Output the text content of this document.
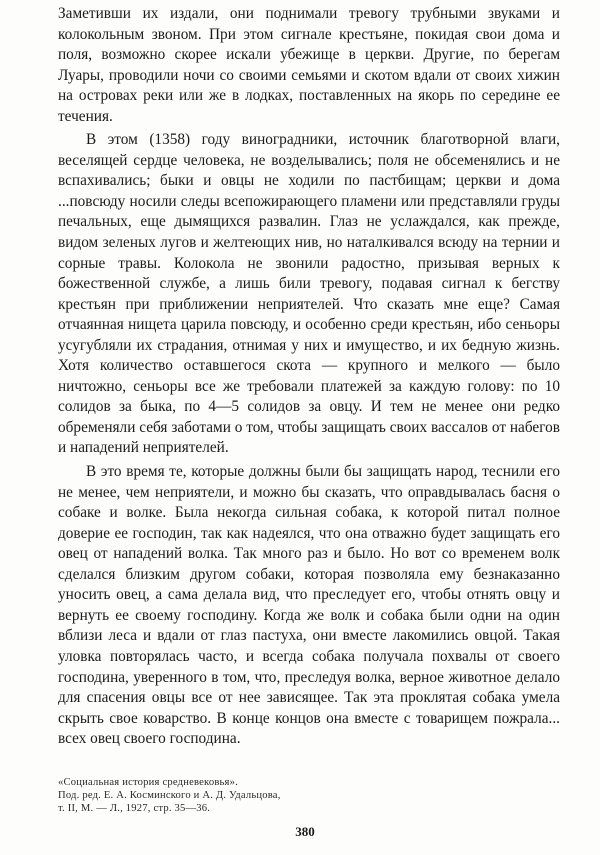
Заметивши их издали, они поднимали тревогу трубными звуками и колокольным звоном. При этом сигнале крестьяне, покидая свои дома и поля, возможно скорее искали убежище в церкви. Другие, по берегам Луары, проводили ночи со своими семьями и скотом вдали от своих хижин на островах реки или же в лодках, поставленных на якорь по середине ее течения.

В этом (1358) году виноградники, источник благотворной влаги, веселящей сердце человека, не возделывались; поля не обсеменялись и не вспахивались; быки и овцы не ходили по пастбищам; церкви и дома ...повсюду носили следы всепожирающего пламени или представляли груды печальных, еще дымящихся развалин. Глаз не услаждался, как прежде, видом зеленых лугов и желтеющих нив, но наталкивался всюду на тернии и сорные травы. Колокола не звонили радостно, призывая верных к божественной службе, а лишь били тревогу, подавая сигнал к бегству крестьян при приближении неприятелей. Что сказать мне еще? Самая отчаянная нищета царила повсюду, и особенно среди крестьян, ибо сеньоры усугубляли их страдания, отнимая у них и имущество, и их бедную жизнь. Хотя количество оставшегося скота — крупного и мелкого — было ничтожно, сеньоры все же требовали платежей за каждую голову: по 10 солидов за быка, по 4—5 солидов за овцу. И тем не менее они редко обременяли себя заботами о том, чтобы защищать своих вассалов от набегов и нападений неприятелей.

В это время те, которые должны были бы защищать народ, теснили его не менее, чем неприятели, и можно бы сказать, что оправдывалась басня о собаке и волке. Была некогда сильная собака, к которой питал полное доверие ее господин, так как надеялся, что она отважно будет защищать его овец от нападений волка. Так много раз и было. Но вот со временем волк сделался близким другом собаки, которая позволяла ему безнаказанно уносить овец, а сама делала вид, что преследует его, чтобы отнять овцу и вернуть ее своему господину. Когда же волк и собака были одни на один вблизи леса и вдали от глаз пастуха, они вместе лакомились овцой. Такая уловка повторялась часто, и всегда собака получала похвалы от своего господина, уверенного в том, что, преследуя волка, верное животное делало для спасения овцы все от нее зависящее. Так эта проклятая собака умела скрыть свое коварство. В конце концов она вместе с товарищем пожрала... всех овец своего господина.

«Социальная история средневековья».
Под. ред. Е. А. Косминского и А. Д. Удальцова,
т. II, М. — Л., 1927, стр. 35—36.
380
